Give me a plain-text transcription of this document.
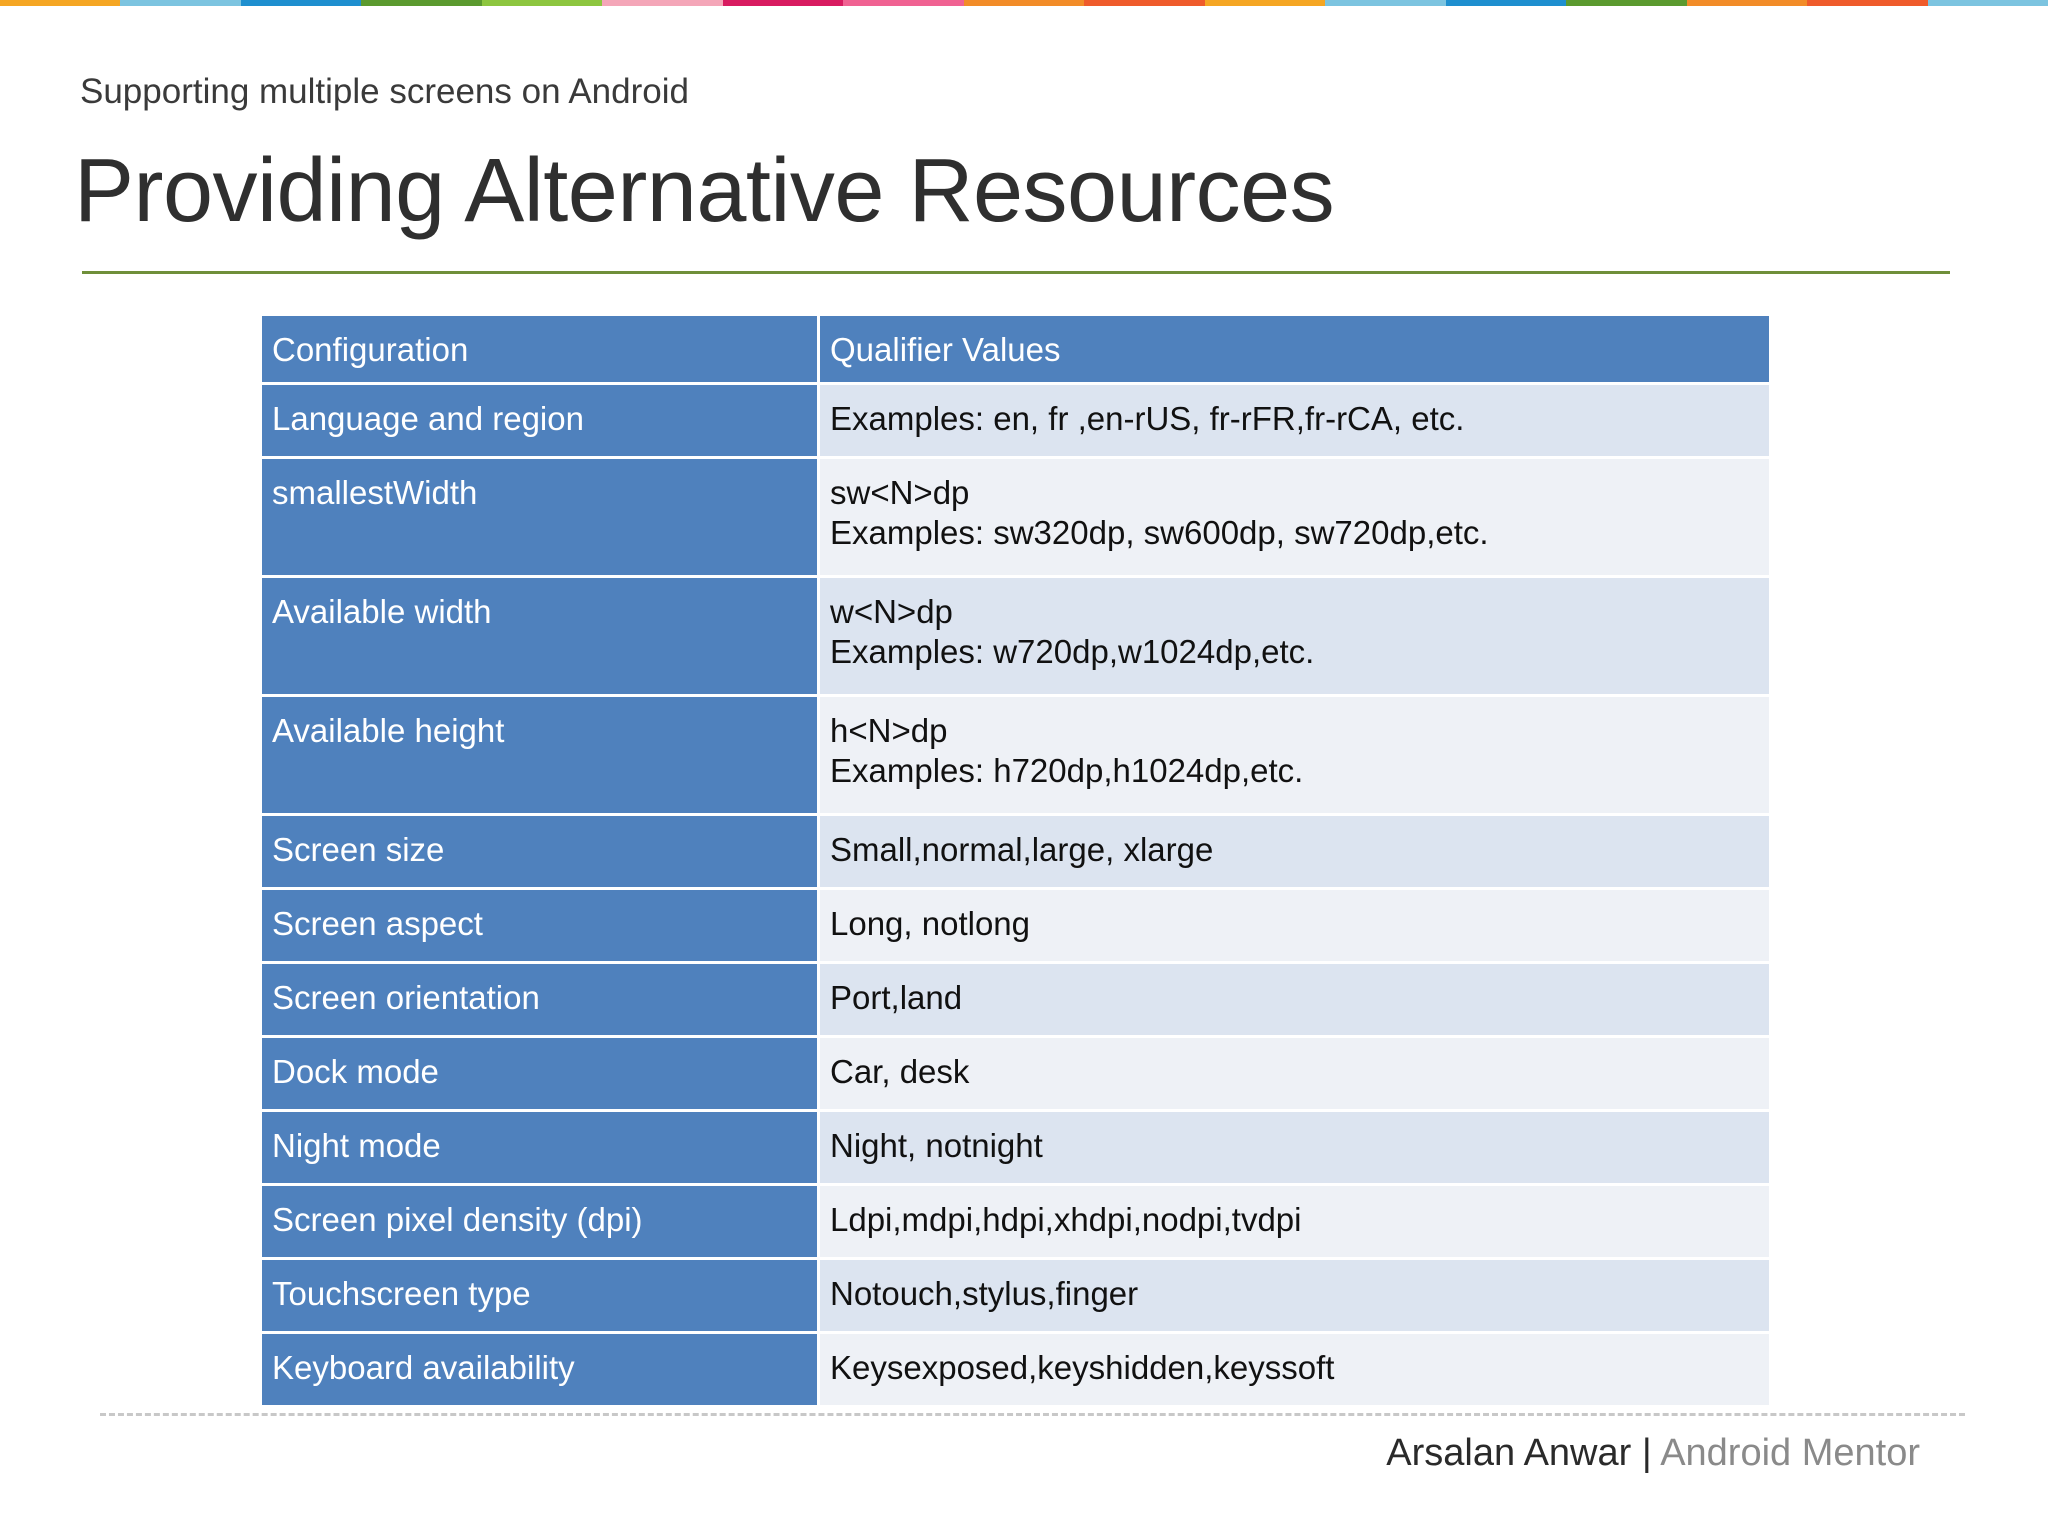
Supporting multiple screens on Android
Providing Alternative Resources
Configuration	Qualifier Values
Language and region	Examples: en, fr ,en-rUS, fr-rFR,fr-rCA, etc.

smallestWidth	sw<N>dp
Examples: sw320dp, sw600dp, sw720dp,etc.

Available width	w<N>dp
Examples: w720dp,w1024dp,etc.

Available height	h<N>dp
Examples: h720dp,h1024dp,etc.

Screen size	Small,normal,large, xlarge

Screen aspect	Long, notlong

Screen orientation	Port,land

Dock mode	Car, desk

Night mode	Night, notnight

Screen pixel density (dpi)	Ldpi,mdpi,hdpi,xhdpi,nodpi,tvdpi

Touchscreen type	Notouch,stylus,finger

Keyboard availability	Keysexposed,keyshidden,keyssoft
Arsalan Anwar | Android Mentor
